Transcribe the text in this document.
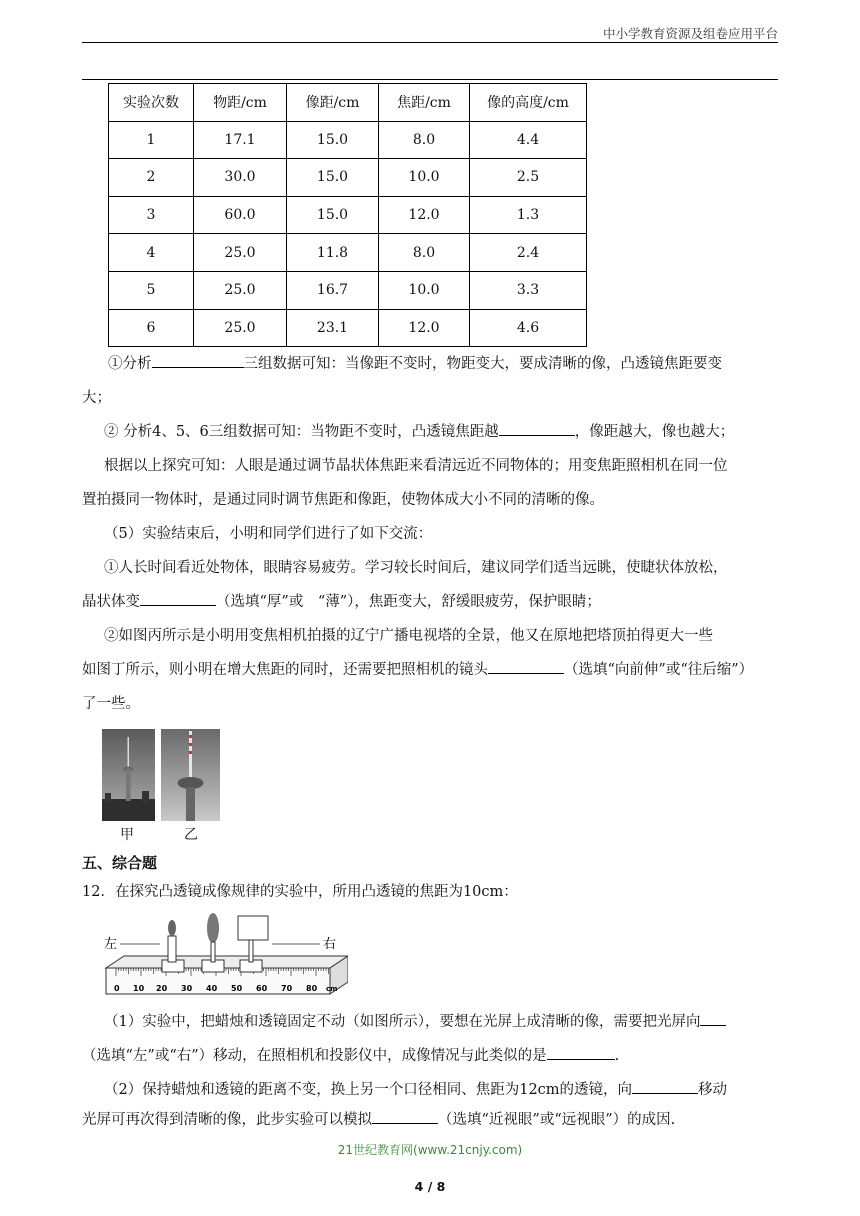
中小学教育资源及组卷应用平台
实验次数	物距/cm	像距/cm	焦距/cm	像的高度/cm
1	17.1	15.0	8.0	4.4
2	30.0	15.0	10.0	2.5
3	60.0	15.0	12.0	1.3
4	25.0	11.8	8.0	2.4
5	25.0	16.7	10.0	3.3
6	25.0	23.1	12.0	4.6
①分析	三组数据可知：当像距不变时，物距变大，要成清晰的像，凸透镜焦距要变
大；
② 分析4、5、6三组数据可知：当物距不变时，凸透镜焦距越	，像距越大，像也越大；
根据以上探究可知：人眼是通过调节晶状体焦距来看清远近不同物体的；用变焦距照相机在同一位
置拍摄同一物体时，是通过同时调节焦距和像距，使物体成大小不同的清晰的像。
（5）实验结束后，小明和同学们进行了如下交流：
①人长时间看近处物体，眼睛容易疲劳。学习较长时间后，建议同学们适当远眺，使睫状体放松，
晶状体变	（选填“厚”或　“薄”），焦距变大，舒缓眼疲劳，保护眼睛；
②如图丙所示是小明用变焦相机拍摄的辽宁广播电视塔的全景，他又在原地把塔顶拍得更大一些
如图丁所示，则小明在增大焦距的同时，还需要把照相机的镜头	（选填“向前伸”或“往后缩”）
了一些。
甲	乙
五、综合题
12．在探究凸透镜成像规律的实验中，所用凸透镜的焦距为10cm：
左	右
0 10 20 30 40 50 60 70 80 cm
（1）实验中，把蜡烛和透镜固定不动（如图所示），要想在光屏上成清晰的像，需要把光屏向
（选填“左”或“右”）移动，在照相机和投影仪中，成像情况与此类似的是	.
（2）保持蜡烛和透镜的距离不变，换上另一个口径相同、焦距为12cm的透镜，向	移动
光屏可再次得到清晰的像，此步实验可以模拟	（选填“近视眼”或“远视眼”）的成因.
21世纪教育网(www.21cnjy.com)
4 / 8
